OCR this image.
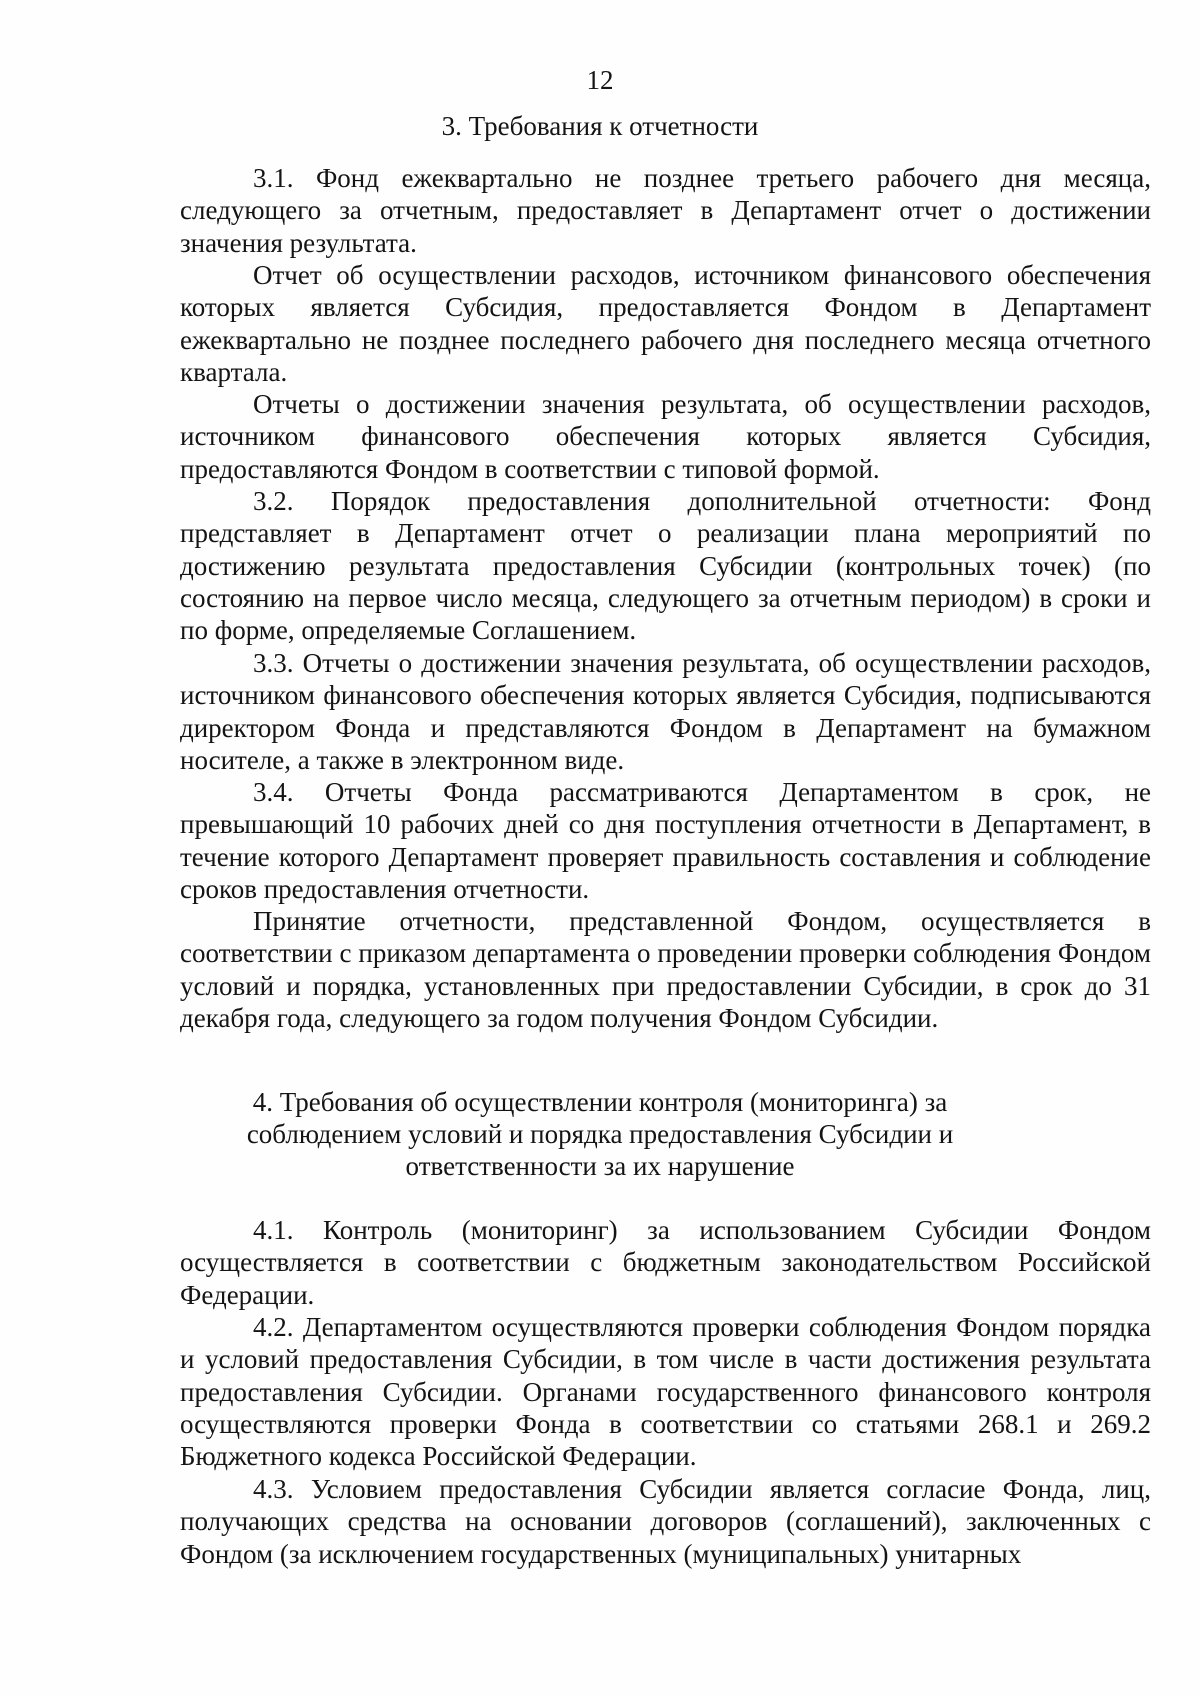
12
3. Требования к отчетности

3.1. Фонд ежеквартально не позднее третьего рабочего дня месяца, следующего за отчетным, предоставляет в Департамент отчет о достижении значения результата.

Отчет об осуществлении расходов, источником финансового обеспечения которых является Субсидия, предоставляется Фондом в Департамент ежеквартально не позднее последнего рабочего дня последнего месяца отчетного квартала.

Отчеты о достижении значения результата, об осуществлении расходов, источником финансового обеспечения которых является Субсидия, предоставляются Фондом в соответствии с типовой формой.

3.2. Порядок предоставления дополнительной отчетности: Фонд представляет в Департамент отчет о реализации плана мероприятий по достижению результата предоставления Субсидии (контрольных точек) (по состоянию на первое число месяца, следующего за отчетным периодом) в сроки и по форме, определяемые Соглашением.

3.3. Отчеты о достижении значения результата, об осуществлении расходов, источником финансового обеспечения которых является Субсидия, подписываются директором Фонда и представляются Фондом в Департамент на бумажном носителе, а также в электронном виде.

3.4. Отчеты Фонда рассматриваются Департаментом в срок, не превышающий 10 рабочих дней со дня поступления отчетности в Департамент, в течение которого Департамент проверяет правильность составления и соблюдение сроков предоставления отчетности.

Принятие отчетности, представленной Фондом, осуществляется в соответствии с приказом департамента о проведении проверки соблюдения Фондом условий и порядка, установленных при предоставлении Субсидии, в срок до 31 декабря года, следующего за годом получения Фондом Субсидии.

4. Требования об осуществлении контроля (мониторинга) за
соблюдением условий и порядка предоставления Субсидии и
ответственности за их нарушение

4.1. Контроль (мониторинг) за использованием Субсидии Фондом осуществляется в соответствии с бюджетным законодательством Российской Федерации.

4.2. Департаментом осуществляются проверки соблюдения Фондом порядка и условий предоставления Субсидии, в том числе в части достижения результата предоставления Субсидии. Органами государственного финансового контроля осуществляются проверки Фонда в соответствии со статьями 268.1 и 269.2 Бюджетного кодекса Российской Федерации.

4.3. Условием предоставления Субсидии является согласие Фонда, лиц, получающих средства на основании договоров (соглашений), заключенных с Фондом (за исключением государственных (муниципальных) унитарных
